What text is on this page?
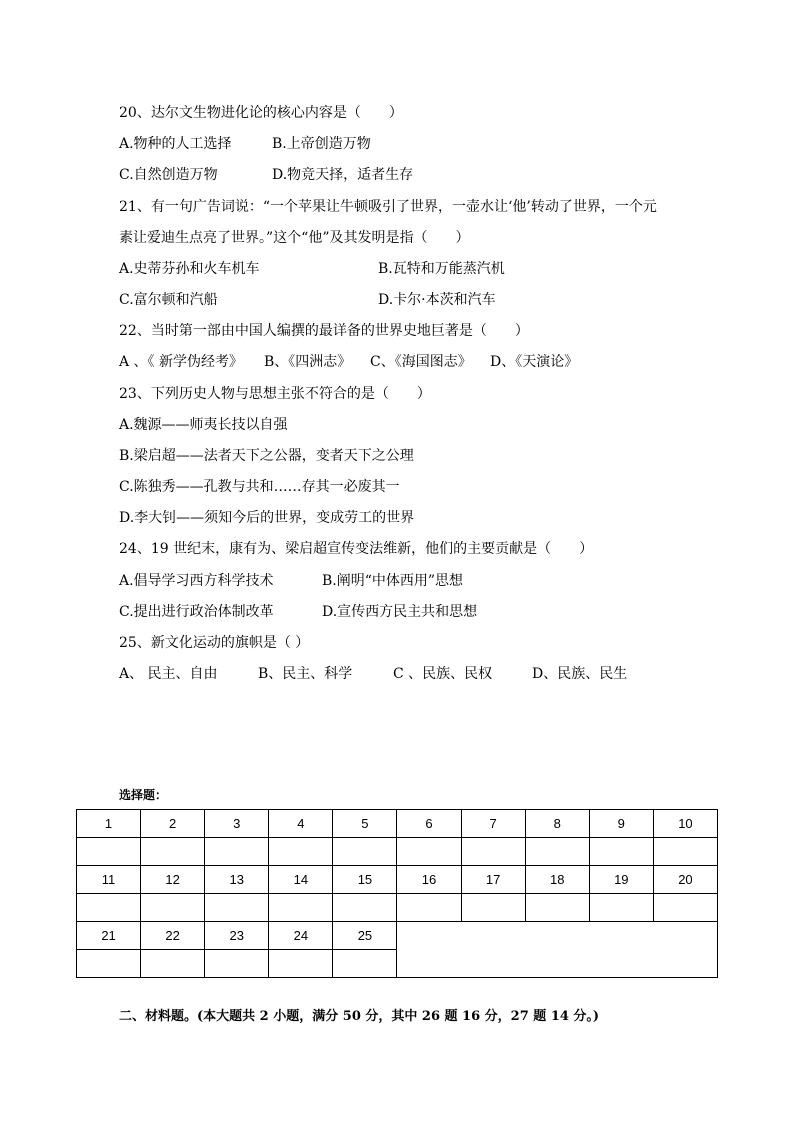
20、达尔文生物进化论的核心内容是（　　）
A.物种的人工选择	B.上帝创造万物
C.自然创造万物	D.物竞天择，适者生存
21、有一句广告词说：“一个苹果让牛顿吸引了世界，一壶水让‘他’转动了世界，一个元
素让爱迪生点亮了世界。”这个“他”及其发明是指（　　）
A.史蒂芬孙和火车机车	B.瓦特和万能蒸汽机
C.富尔顿和汽船	D.卡尔·本茨和汽车
22、当时第一部由中国人编撰的最详备的世界史地巨著是（　　）
A 、《 新学伪经考》 B、《四洲志》 C、《海国图志》 D、《天演论》
23、下列历史人物与思想主张不符合的是（　　）
A.魏源——师夷长技以自强
B.梁启超——法者天下之公器，变者天下之公理
C.陈独秀——孔教与共和……存其一必废其一
D.李大钊——须知今后的世界，变成劳工的世界
24、19 世纪末，康有为、梁启超宣传变法维新，他们的主要贡献是（　　）
A.倡导学习西方科学技术	B.阐明“中体西用”思想
C.提出进行政治体制改革	D.宣传西方民主共和思想
25、新文化运动的旗帜是（ ）
A、 民主、自由	B、民主、科学	C 、民族、民权	D、民族、民生
选择题：
1	2	3	4	5	6	7	8	9	10

11	12	13	14	15	16	17	18	19	20

21	22	23	24	25					

二、材料题。(本大题共 2 小题，满分 50 分，其中 26 题 16 分，27 题 14 分。)
